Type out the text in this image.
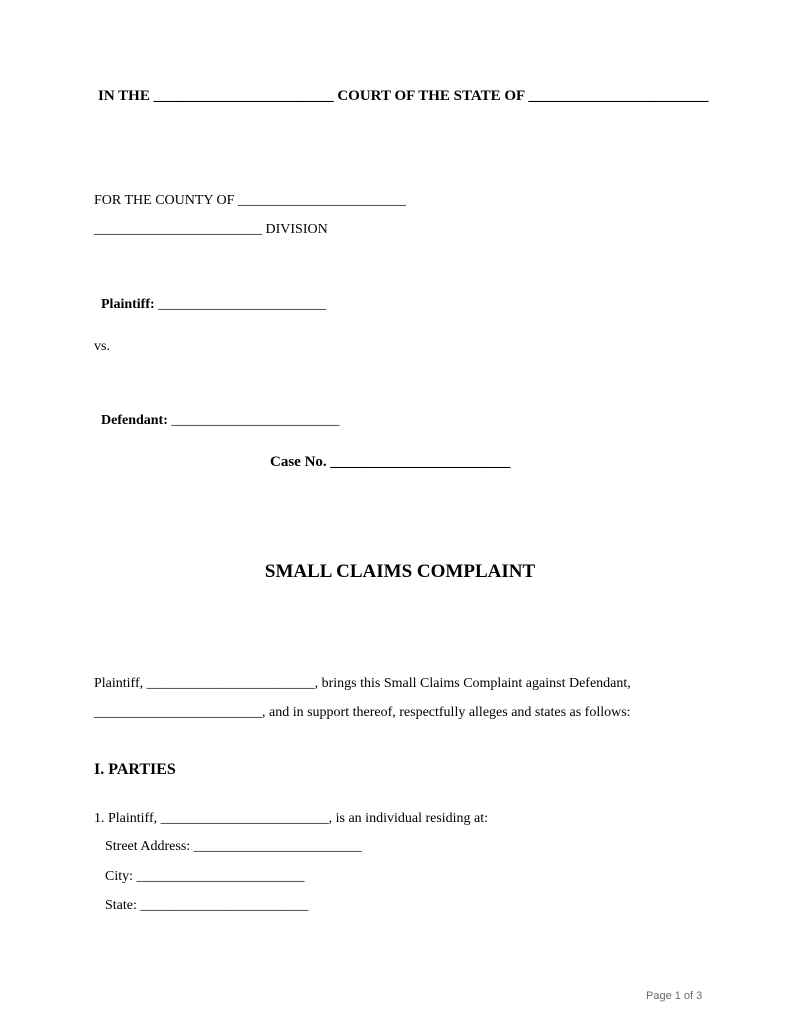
IN THE ________________________ COURT OF THE STATE OF ________________________
FOR THE COUNTY OF ________________________
________________________ DIVISION

Plaintiff: ________________________

vs.

Defendant: ________________________

Case No. ________________________
SMALL CLAIMS COMPLAINT
Plaintiff, ________________________, brings this Small Claims Complaint against Defendant,
________________________, and in support thereof, respectfully alleges and states as follows:
I. PARTIES
1. Plaintiff, ________________________, is an individual residing at:
Street Address: ________________________
City: ________________________
State: ________________________
Page 1 of 3
